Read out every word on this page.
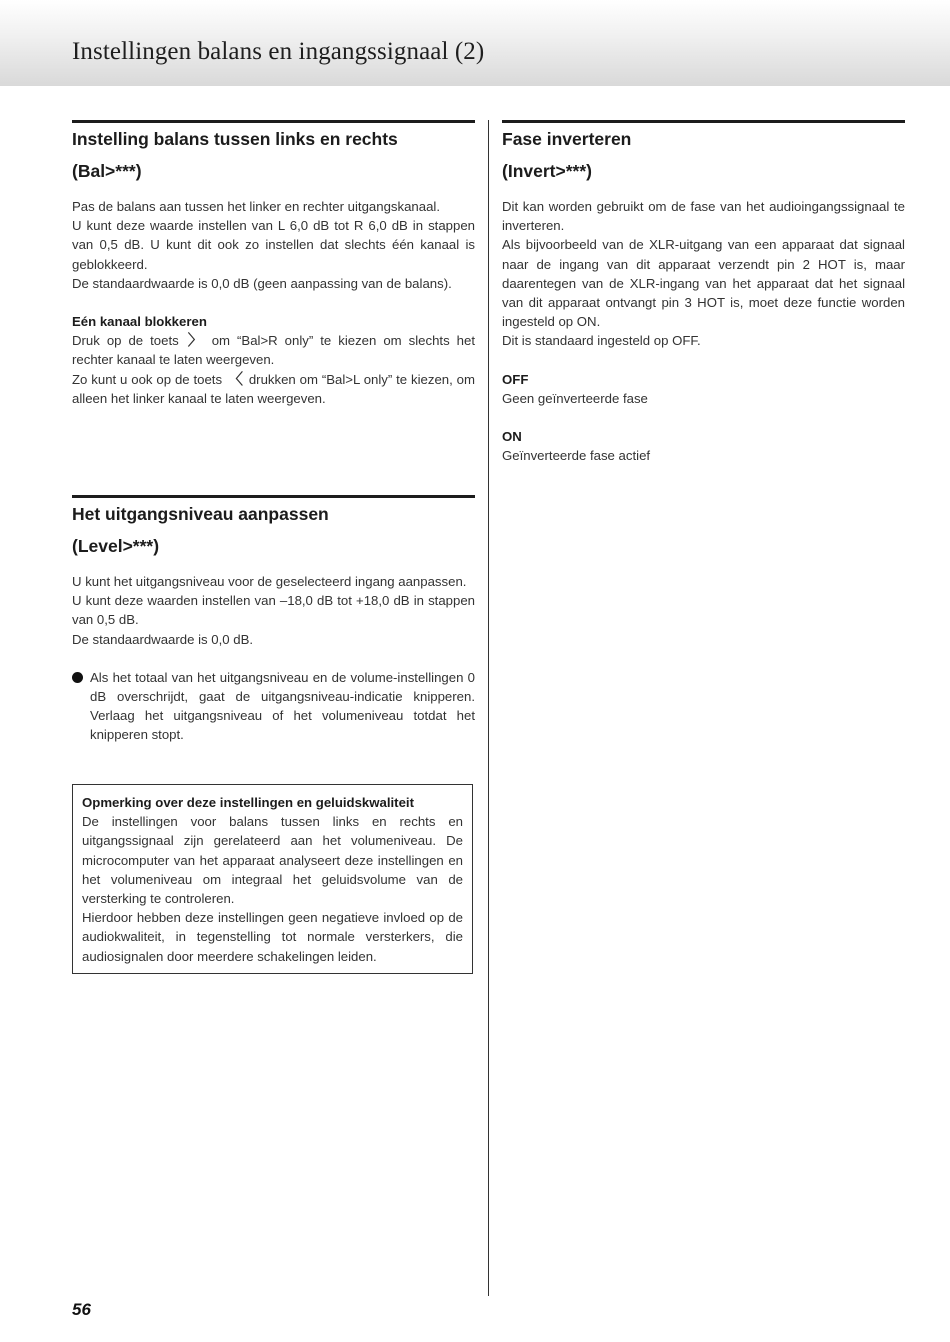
Instellingen balans en ingangssignaal (2)
Instelling balans tussen links en rechts
(Bal>***)

Pas de balans aan tussen het linker en rechter uitgangskanaal.

U kunt deze waarde instellen van L 6,0 dB tot R 6,0 dB in stappen van 0,5 dB. U kunt dit ook zo instellen dat slechts één kanaal is geblokkeerd.

De standaardwaarde is 0,0 dB (geen aanpassing van de balans).

Eén kanaal blokkeren

Druk op de toets 〉 om “Bal>R only” te kiezen om slechts het rechter kanaal te laten weergeven.

Zo kunt u ook op de toets 〈 drukken om “Bal>L only” te kiezen, om alleen het linker kanaal te laten weergeven.

Fase inverteren
(Invert>***)

Dit kan worden gebruikt om de fase van het audioingangssignaal te inverteren.

Als bijvoorbeeld van de XLR-uitgang van een apparaat dat signaal naar de ingang van dit apparaat verzendt pin 2 HOT is, maar daarentegen van de XLR-ingang van het apparaat dat het signaal van dit apparaat ontvangt pin 3 HOT is, moet deze functie worden ingesteld op ON.

Dit is standaard ingesteld op OFF.

OFF

Geen geïnverteerde fase

ON

Geïnverteerde fase actief

Het uitgangsniveau aanpassen
(Level>***)

U kunt het uitgangsniveau voor de geselecteerd ingang aanpassen.

U kunt deze waarden instellen van –18,0 dB tot +18,0 dB in stappen van 0,5 dB.

De standaardwaarde is 0,0 dB.

Als het totaal van het uitgangsniveau en de volume-instellingen 0 dB overschrijdt, gaat de uitgangsniveau-indicatie knipperen. Verlaag het uitgangsniveau of het volumeniveau totdat het knipperen stopt.

Opmerking over deze instellingen en geluidskwaliteit

De instellingen voor balans tussen links en rechts en uitgangssignaal zijn gerelateerd aan het volumeniveau. De microcomputer van het apparaat analyseert deze instellingen en het volumeniveau om integraal het geluidsvolume van de versterking te controleren.

Hierdoor hebben deze instellingen geen negatieve invloed op de audiokwaliteit, in tegenstelling tot normale versterkers, die audiosignalen door meerdere schakelingen leiden.

56
